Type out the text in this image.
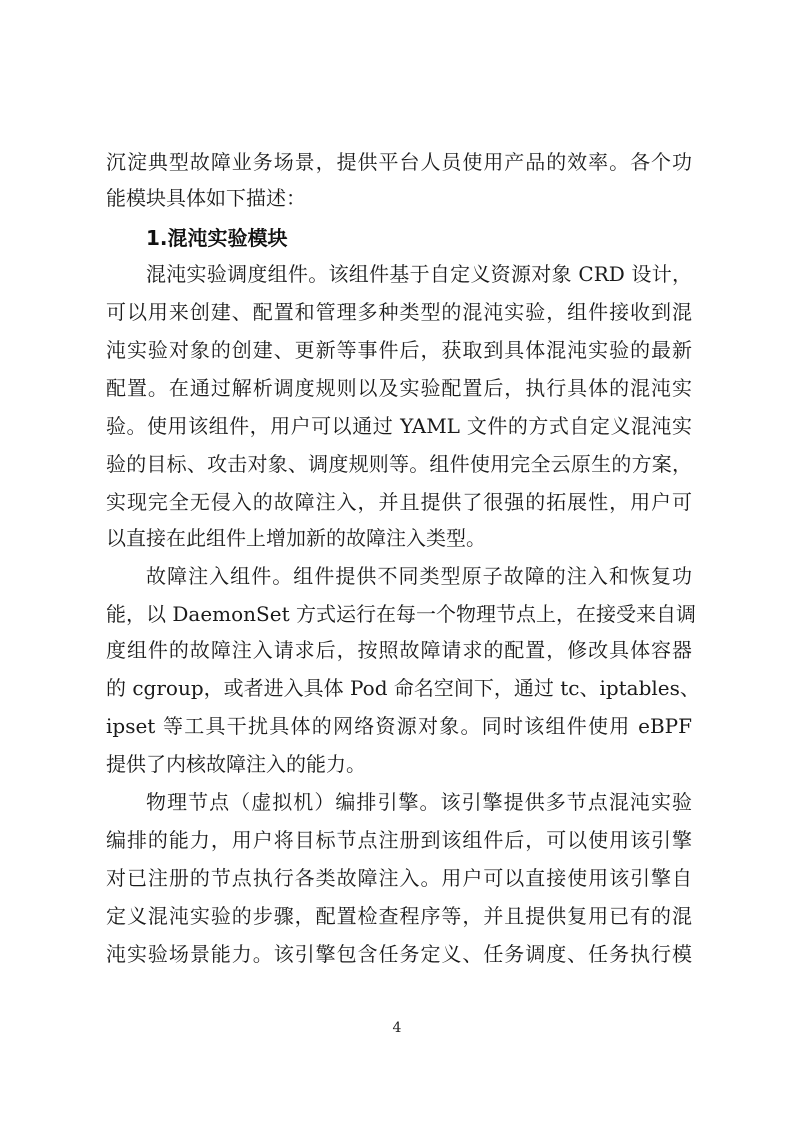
沉淀典型故障业务场景，提供平台人员使用产品的效率。各个功

能模块具体如下描述：

1.混沌实验模块

混沌实验调度组件。该组件基于自定义资源对象 CRD 设计，

可以用来创建、配置和管理多种类型的混沌实验，组件接收到混

沌实验对象的创建、更新等事件后，获取到具体混沌实验的最新

配置。在通过解析调度规则以及实验配置后，执行具体的混沌实

验。使用该组件，用户可以通过 YAML 文件的方式自定义混沌实

验的目标、攻击对象、调度规则等。组件使用完全云原生的方案，

实现完全无侵入的故障注入，并且提供了很强的拓展性，用户可

以直接在此组件上增加新的故障注入类型。

故障注入组件。组件提供不同类型原子故障的注入和恢复功

能，以 DaemonSet 方式运行在每一个物理节点上，在接受来自调

度组件的故障注入请求后，按照故障请求的配置，修改具体容器

的 cgroup，或者进入具体 Pod 命名空间下，通过 tc、iptables、

ipset 等工具干扰具体的网络资源对象。同时该组件使用 eBPF

提供了内核故障注入的能力。

物理节点（虚拟机）编排引擎。该引擎提供多节点混沌实验

编排的能力，用户将目标节点注册到该组件后，可以使用该引擎

对已注册的节点执行各类故障注入。用户可以直接使用该引擎自

定义混沌实验的步骤，配置检查程序等，并且提供复用已有的混

沌实验场景能力。该引擎包含任务定义、任务调度、任务执行模

4
